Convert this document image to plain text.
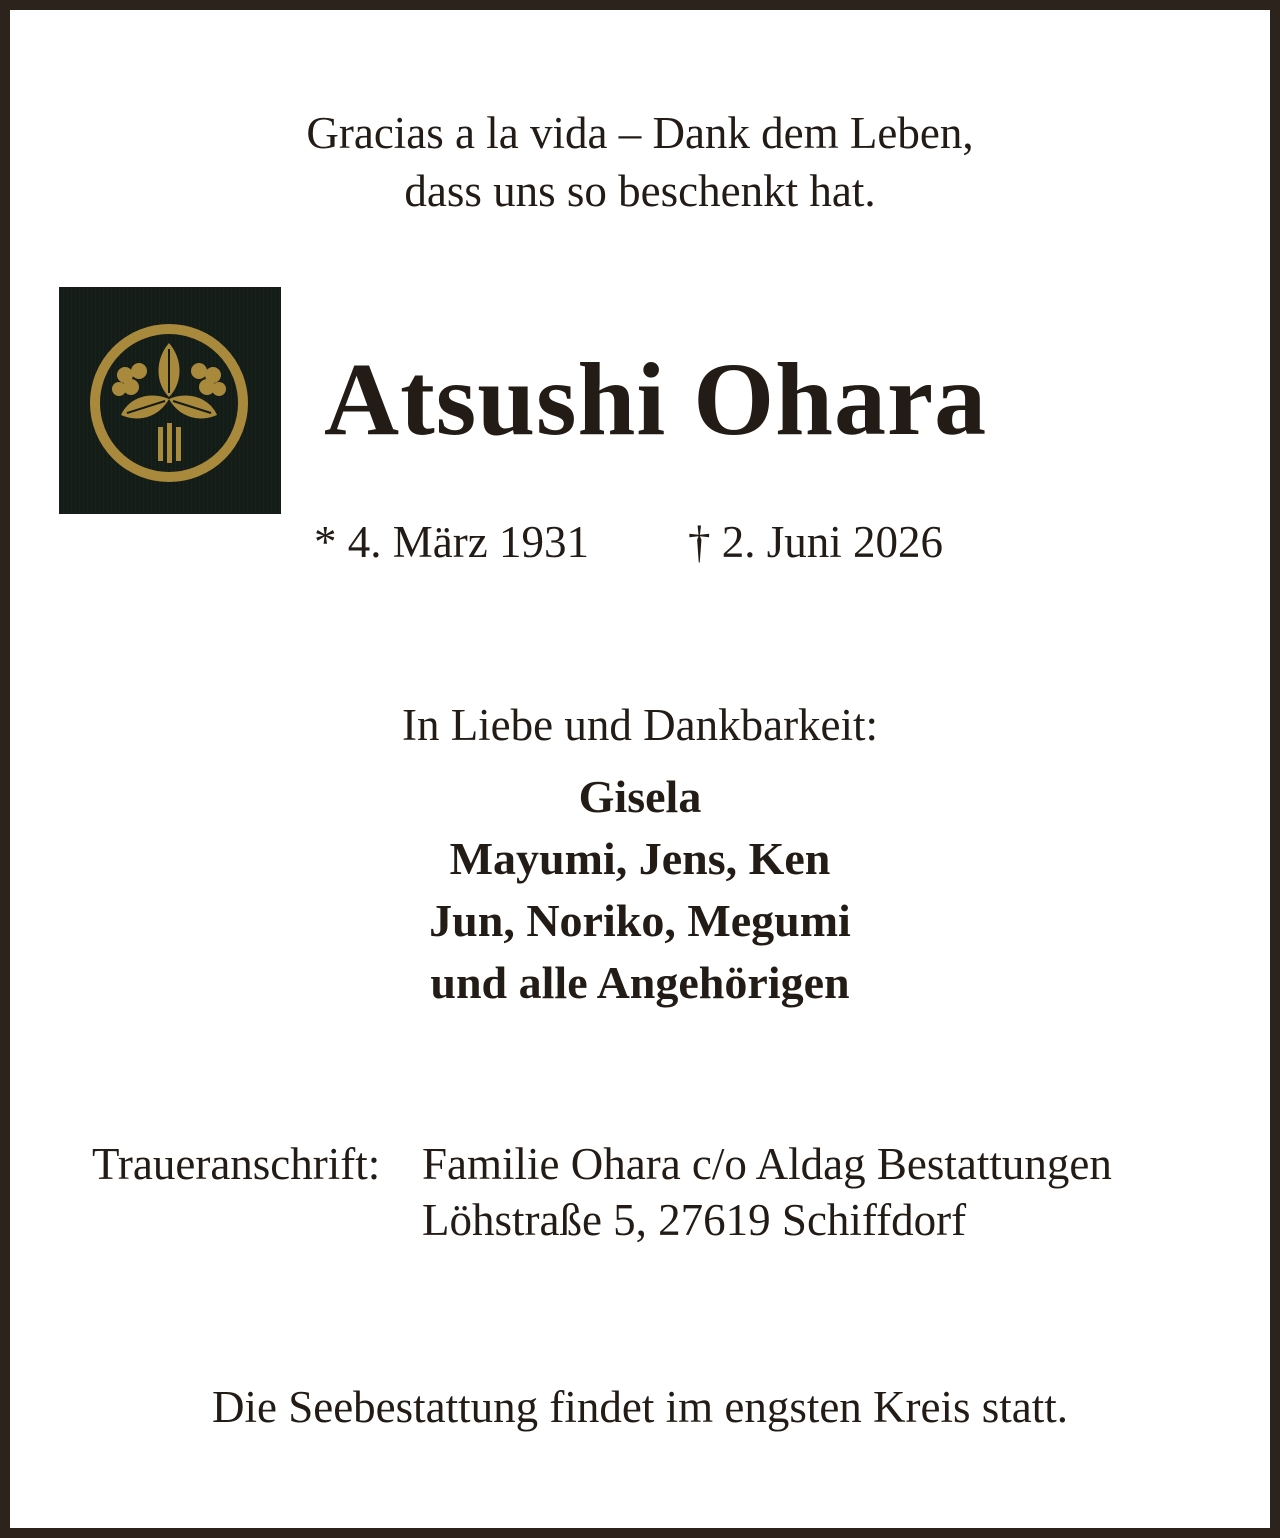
Gracias a la vida – Dank dem Leben,
dass uns so beschenkt hat.
Atsushi Ohara
* 4. März 1931 † 2. Juni 2026
In Liebe und Dankbarkeit:
Gisela
Mayumi, Jens, Ken
Jun, Noriko, Megumi
und alle Angehörigen
Traueranschrift: Familie Ohara c/o Aldag Bestattungen
Löhstraße 5, 27619 Schiffdorf
Die Seebestattung findet im engsten Kreis statt.
